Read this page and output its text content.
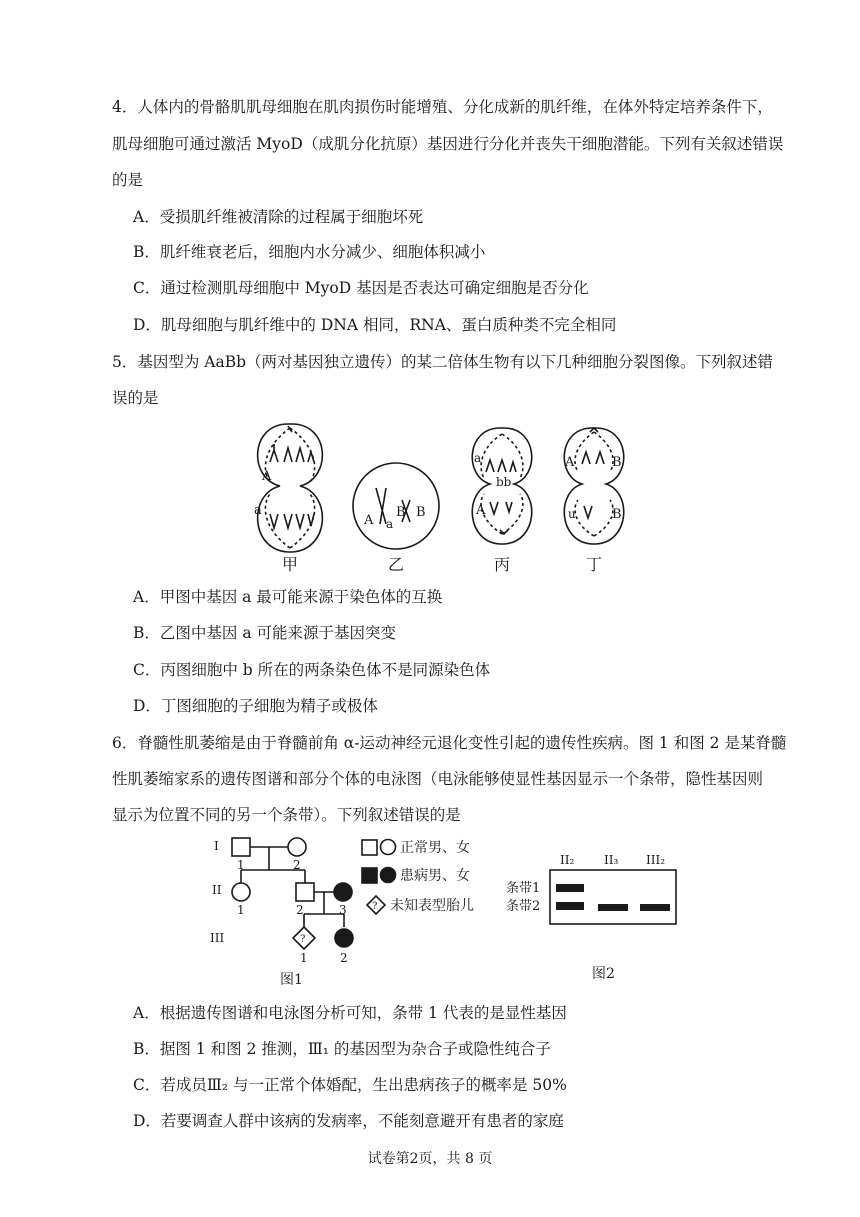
4．人体内的骨骼肌肌母细胞在肌肉损伤时能增殖、分化成新的肌纤维，在体外特定培养条件下，
肌母细胞可通过激活 MyoD（成肌分化抗原）基因进行分化并丧失干细胞潜能。下列有关叙述错误
的是
A．受损肌纤维被清除的过程属于细胞坏死
B．肌纤维衰老后，细胞内水分减少、细胞体积减小
C．通过检测肌母细胞中 MyoD 基因是否表达可确定细胞是否分化
D．肌母细胞与肌纤维中的 DNA 相同，RNA、蛋白质种类不完全相同
5．基因型为 AaBb（两对基因独立遗传）的某二倍体生物有以下几种细胞分裂图像。下列叙述错
误的是
A
a
A a
B B
a
bb
A
A	B
u	B
甲	乙	丙	丁
A．甲图中基因 a 最可能来源于染色体的互换
B．乙图中基因 a 可能来源于基因突变
C．丙图细胞中 b 所在的两条染色体不是同源染色体
D．丁图细胞的子细胞为精子或极体
6．脊髓性肌萎缩是由于脊髓前角 α-运动神经元退化变性引起的遗传性疾病。图 1 和图 2 是某脊髓
性肌萎缩家系的遗传图谱和部分个体的电泳图（电泳能够使显性基因显示一个条带，隐性基因则
显示为位置不同的另一个条带）。下列叙述错误的是
I
II
III
1	2
1	2	3
?
1	2
?
正常男、女
患病男、女
未知表型胎儿
图1
II₂ II₃ III₂
条带1
条带2
图2
A．根据遗传图谱和电泳图分析可知，条带 1 代表的是显性基因
B．据图 1 和图 2 推测，Ⅲ₁ 的基因型为杂合子或隐性纯合子
C．若成员Ⅲ₂ 与一正常个体婚配，生出患病孩子的概率是 50%
D．若要调查人群中该病的发病率，不能刻意避开有患者的家庭
试卷第2页，共 8 页
